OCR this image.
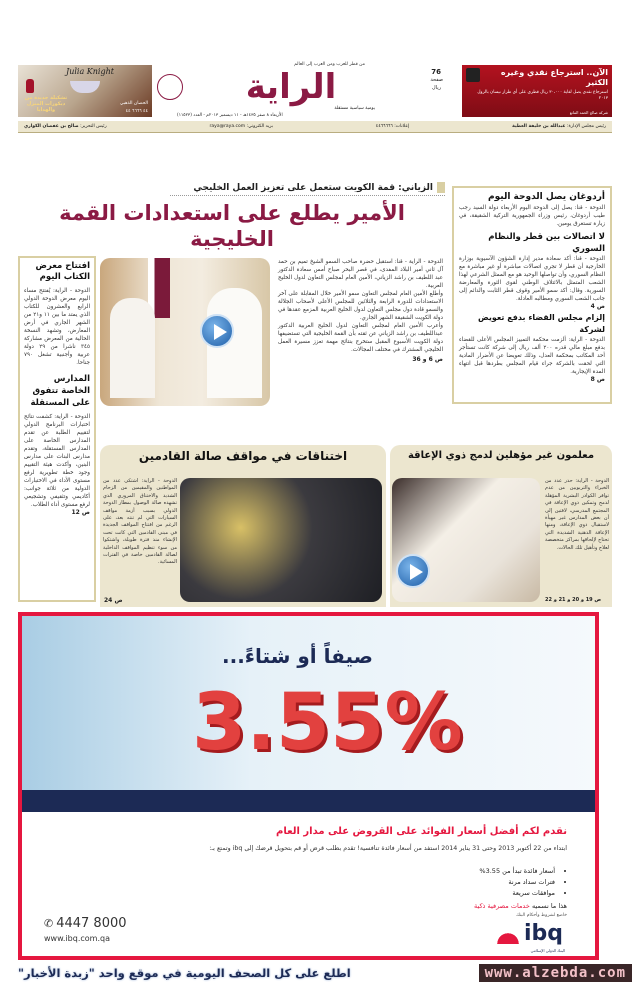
Julia Knight
تشكيلة جديدة من ديكورات المنزل والهدايا
الحصان الذهبي
٤٤ ٦٦٦٦ ٤٤
من قطر للعرب ومن العرب إلى العالم
الراية
يومية سياسية مستقلة
الأربعاء ٨ صفر ١٤٣٥هـ - ١١ ديسمبر ٢٠١٣م - العدد (١١٥٢٣)
76
صفحة
ريال
الآن.. استرجاع نقدي وغيره الكثير
استرجاع نقدي يصل لغاية ٣٠،٠٠٠ ريال قطري على أي طراز نيسان بالرول ٢٠١٣
شركة صالح الحمد المانع
رئيس مجلس الإدارة: عبدالله بن خليفة العطية
إعلانات: ٤٤٦٦٦٦٦
بريد الكتروني: raya@raya.com
رئيس التحرير: صالح بن عفصان الكواري
الزياني: قمة الكويت ستعمل على تعزيز العمل الخليجي
الأمير يطلع على استعدادات القمة الخليجية
أردوغان يصل الدوحة اليوم
الدوحة - قنا: يصل إلى الدوحة اليوم الأربعاء دولة السيد رجب طيب أردوغان، رئيس وزراء الجمهورية التركية الشقيقة، في زيارة تستغرق يومين.
لا اتصالات بين قطر والنظام السوري
الدوحة - قنا: أكد سعادة مدير إدارة الشؤون الآسيوية بوزارة الخارجية أن قطر لا تجري اتصالات مباشرة أو غير مباشرة مع النظام السوري، وأن تواصلها الوحيد هو مع الممثل الشرعي لهذا الشعب المتمثل بالائتلاف الوطني لقوى الثورة والمعارضة السورية. وقال: أكد سمو الأمير وقوف قطر الثابت والدائم إلى جانب الشعب السوري ومطالبه العادلة.
ص 4
إلزام مجلس القضاء بدفع تعويض لشركة
الدوحة - الراية: ألزمت محكمة التمييز المجلس الأعلى للقضاء بدفع مبلغ مالي قدره ٢٠٠ ألف ريال إلى شركة كانت تستأجر أحد المكاتب بمحكمة العدل، وذلك تعويضا عن الأضرار المادية التي لحقت بالشركة جراء قيام المجلس بطردها قبل انتهاء المدة الإيجارية.
ص 8
افتتاح معرض الكتاب اليوم
الدوحة - الراية: يُفتتح مساء اليوم معرض الدوحة الدولي الرابع والعشرون للكتاب الذي يمتد ما بين ١١ و٢١ من الشهر الجاري في أرض المعارض، وتشهد النسخة الحالية من المعرض مشاركة ٣٤٥ ناشرا من ٢٩ دولة عربية وأجنبية تشغل ٧٩٠ جناحا.
المدارس الخاصة تتفوق على المستقلة
الدوحة - الراية: كشفت نتائج اختبارات البرنامج الدولي لتقييم الطلبة عن تقدم المدارس الخاصة على المدارس المستقلة، وتقدم مدارس البنات على مدارس البنين، وأكدت هيئة التقييم وجود خطة تطويرية لرفع مستوى الأداء في الاختبارات الدولية من ثلاثة جوانب: أكاديمي وتثقيفي وتشجيعي لرفع مستوى أداء الطلاب.
ص 12
الدوحة - الراية - قنا: استقبل حضرة صاحب السمو الشيخ تميم بن حمد آل ثاني أمير البلاد المفدى، في قصر البحر صباح أمس سعادة الدكتور عبد اللطيف بن راشد الزياني، الأمين العام لمجلس التعاون لدول الخليج العربية.
وأطلع الأمين العام لمجلس التعاون سمو الأمير خلال المقابلة على آخر الاستعدادات للدورة الرابعة والثلاثين للمجلس الأعلى لأصحاب الجلالة والسمو قادة دول مجلس التعاون لدول الخليج العربية المزمع عقدها في دولة الكويت الشقيقة الشهر الجاري.
وأعرب الأمين العام لمجلس التعاون لدول الخليج العربية الدكتور عبداللطيف بن راشد الزياني عن ثقته بأن القمة الخليجية التي تستضيفها دولة الكويت الأسبوع المقبل ستخرج بنتائج مهمة تعزز مسيرة العمل الخليجي المشترك في مختلف المجالات.
ص 6 و 36
اختناقات في مواقف صالة القادمين
الدوحة - الراية: اشتكى عدد من المواطنين والمقيمين من الزحام الشديد والاختناق المروري الذي تشهده صالة الوصول بمطار الدوحة الدولي بسبب أزمة مواقف السيارات التي لم تنته بعد، على الرغم من افتتاح المواقف الجديدة في مبنى القادمين التي كانت تحت الإنشاء منذ فترة طويلة، واشتكوا من سوء تنظيم المواقف الداخلية لصالة القادمين خاصة في الفترات المسائية.
ص 24
معلمون غير مؤهلين لدمج ذوي الإعاقة
الدوحة - الراية: حذر عدد من الخبراء والتربويين من عدم توافر الكوادر البشرية المؤهلة لدمج وتمكين ذوي الإعاقة في المجتمع المدرسي، لافتين إلى أن بعض المدارس غير مهيأة لاستقبال ذوي الإعاقة، ومنها الإعاقة الذهنية الشديدة التي تحتاج لإلحاقها بمراكز متخصصة لعلاج وتأهيل تلك الحالات.
ص 19 و 20 و 21 و 22
صيفاً أو شتاءً...
3.55%
نقدم لكم أفضل أسعار الفوائد على القروض على مدار العام
ابتداء من 22 أكتوبر 2013 وحتى 31 يناير 2014 استفد من أسعار فائدة تنافسية! تقدم بطلب قرض أو قم بتحويل قرضك إلى ibq وتمتع بـ:
• أسعار فائدة تبدأ من 3.55%
• فترات سداد مرنة
• موافقات سريعة
هذا ما نسميه خدمات مصرفية ذكية
خاضع لشروط وأحكام البنك
✆ 4447 8000
www.ibq.com.qa	ibq
البنك الدولي الإسلامي
www.alzebda.com
اطلع على كل الصحف اليومية في موقع واحد "زبدة الأخبار"
